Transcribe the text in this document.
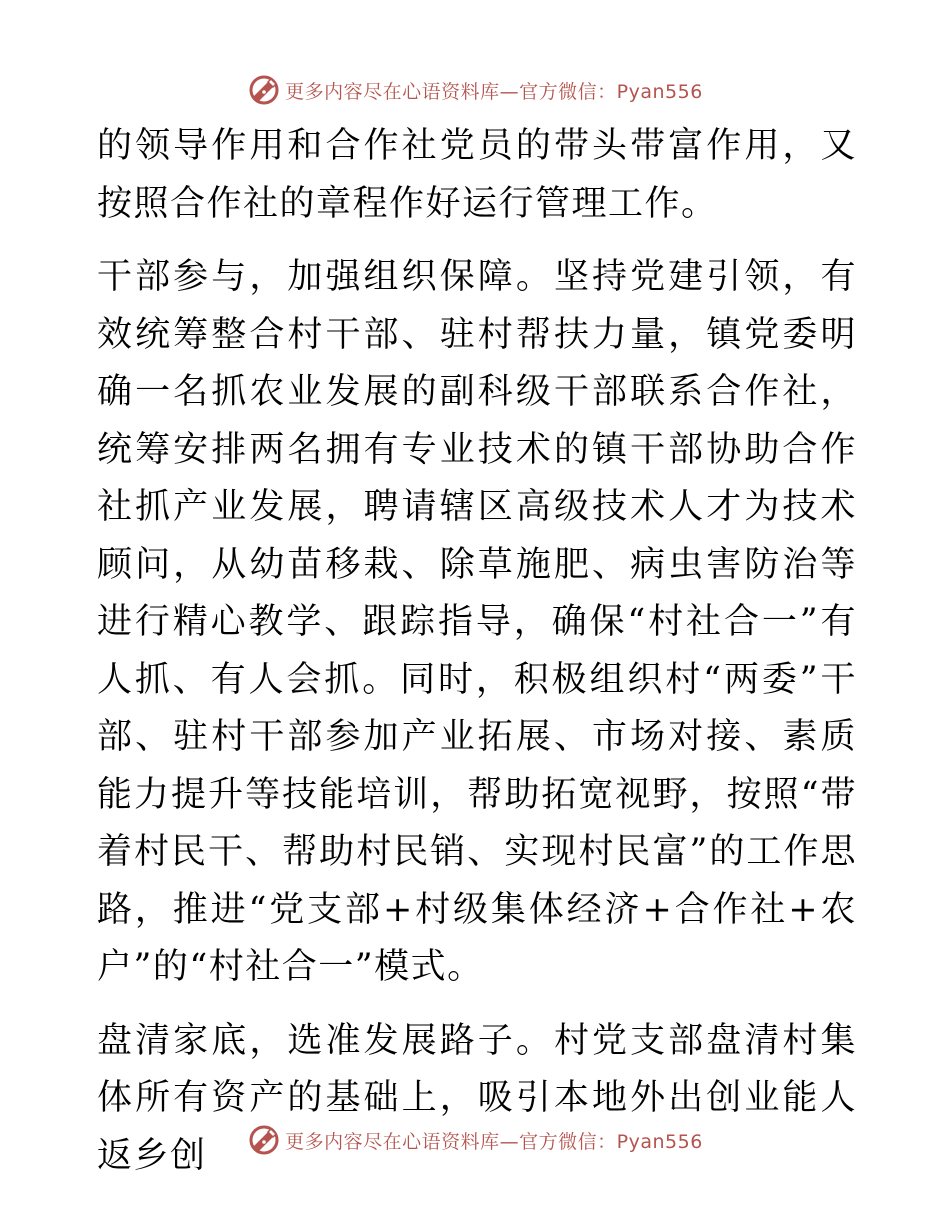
更多内容尽在心语资料库—官方微信：Pyan556

的领导作用和合作社党员的带头带富作用，又按照合作社的章程作好运行管理工作。

干部参与，加强组织保障。坚持党建引领，有效统筹整合村干部、驻村帮扶力量，镇党委明确一名抓农业发展的副科级干部联系合作社，统筹安排两名拥有专业技术的镇干部协助合作社抓产业发展，聘请辖区高级技术人才为技术顾问，从幼苗移栽、除草施肥、病虫害防治等进行精心教学、跟踪指导，确保“村社合一”有人抓、有人会抓。同时，积极组织村“两委”干部、驻村干部参加产业拓展、市场对接、素质能力提升等技能培训，帮助拓宽视野，按照“带着村民干、帮助村民销、实现村民富”的工作思路，推进“党支部+村级集体经济+合作社+农户”的“村社合一”模式。

盘清家底，选准发展路子。村党支部盘清村集体所有资产的基础上，吸引本地外出创业能人返乡创	更多内容尽在心语资料库—官方微信：Pyan556
